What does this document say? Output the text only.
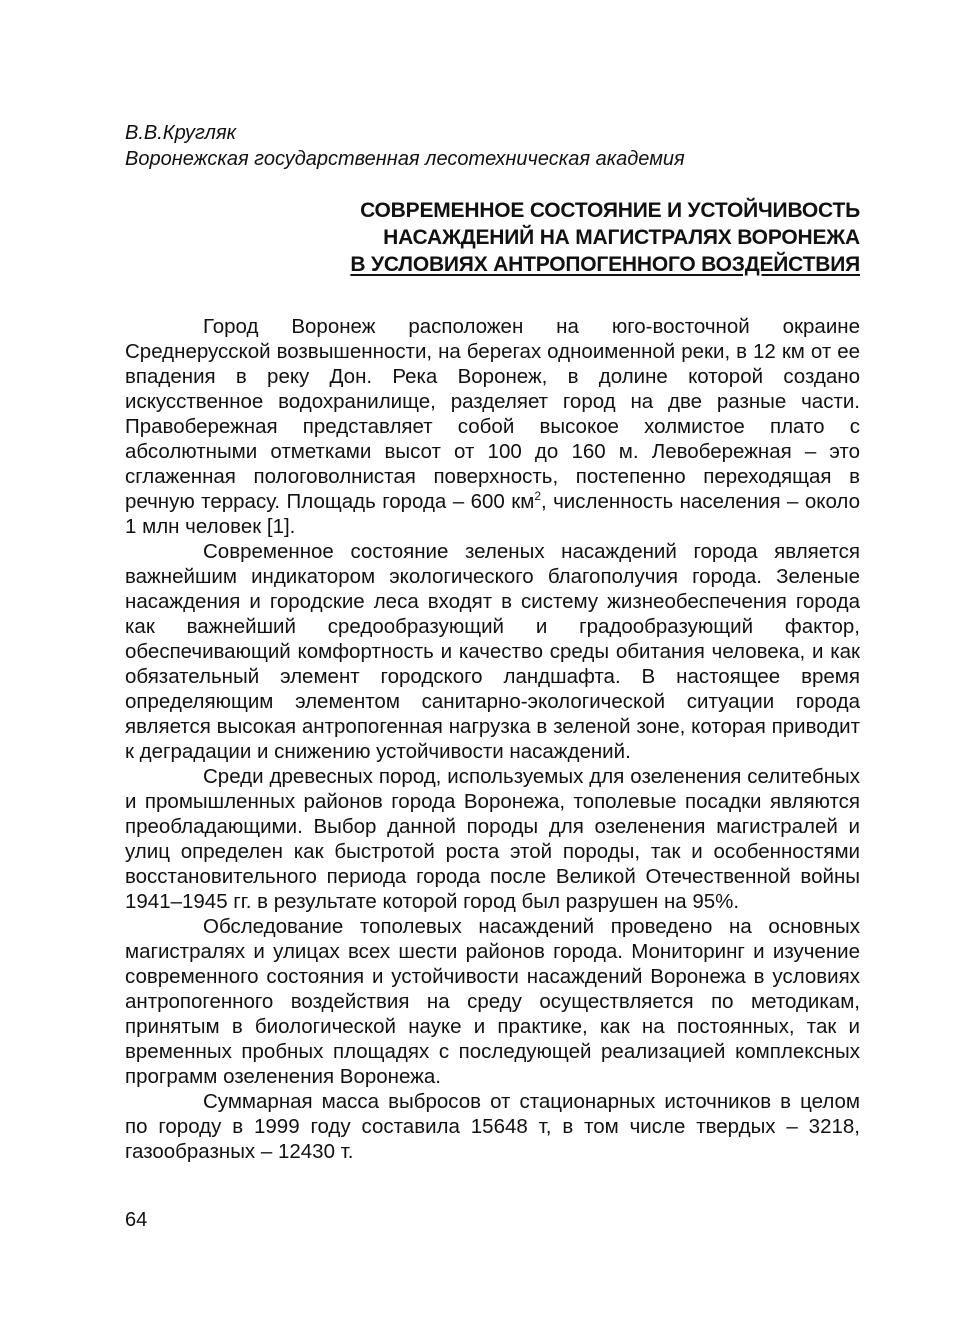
В.В.Кругляк
Воронежская государственная лесотехническая академия
СОВРЕМЕННОЕ СОСТОЯНИЕ И УСТОЙЧИВОСТЬ
НАСАЖДЕНИЙ НА МАГИСТРАЛЯХ ВОРОНЕЖА
В УСЛОВИЯХ АНТРОПОГЕННОГО ВОЗДЕЙСТВИЯ

Город Воронеж расположен на юго-восточной окраине Среднерусской возвышенности, на берегах одноименной реки, в 12 км от ее впадения в реку Дон. Река Воронеж, в долине которой создано искусственное водохранилище, разделяет город на две разные части. Правобережная представляет собой высокое холмистое плато с абсолютными отметками высот от 100 до 160 м. Левобережная – это сглаженная пологоволнистая поверхность, постепенно переходящая в речную террасу. Площадь города – 600 $км^2$, численность населения – около 1 млн человек [1].

Современное состояние зеленых насаждений города является важнейшим индикатором экологического благополучия города. Зеленые насаждения и городские леса входят в систему жизнеобеспечения города как важнейший средообразующий и градообразующий фактор, обеспечивающий комфортность и качество среды обитания человека, и как обязательный элемент городского ландшафта. В настоящее время определяющим элементом санитарно-экологической ситуации города является высокая антропогенная нагрузка в зеленой зоне, которая приводит к деградации и снижению устойчивости насаждений.

Среди древесных пород, используемых для озеленения селитебных и промышленных районов города Воронежа, тополевые посадки являются преобладающими. Выбор данной породы для озеленения магистралей и улиц определен как быстротой роста этой породы, так и особенностями восстановительного периода города после Великой Отечественной войны 1941–1945 гг. в результате которой город был разрушен на 95%.

Обследование тополевых насаждений проведено на основных магистралях и улицах всех шести районов города. Мониторинг и изучение современного состояния и устойчивости насаждений Воронежа в условиях антропогенного воздействия на среду осуществляется по методикам, принятым в биологической науке и практике, как на постоянных, так и временных пробных площадях с последующей реализацией комплексных программ озеленения Воронежа.

Суммарная масса выбросов от стационарных источников в целом по городу в 1999 году составила 15648 т, в том числе твердых – 3218, газообразных – 12430 т.

64
